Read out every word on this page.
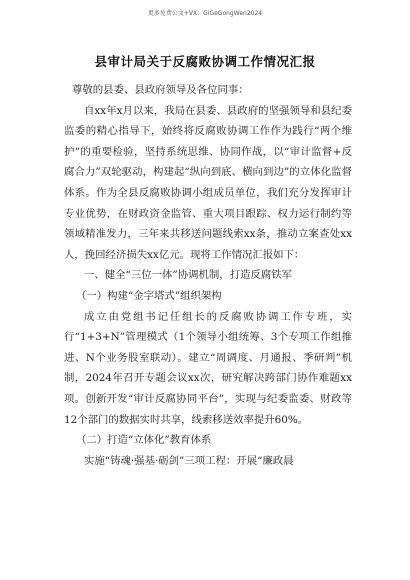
更多免费公文+VX：GiGeGongWen2024
县审计局关于反腐败协调工作情况汇报

尊敬的县委、县政府领导及各位同事：

自xx年x月以来，我局在县委、县政府的坚强领导和县纪委监委的精心指导下，始终将反腐败协调工作作为践行“两个维护”的重要检验，坚持系统思维、协同作战，以“审计监督+反腐合力”双轮驱动，构建起“纵向到底、横向到边”的立体化监督体系。作为全县反腐败协调小组成员单位，我们充分发挥审计专业优势，在财政资金监管、重大项目跟踪、权力运行制约等领域精准发力，三年来共移送问题线索xx条，推动立案查处xx人，挽回经济损失xx亿元。现将工作情况汇报如下：

一、健全“三位一体”协调机制，打造反腐铁军

（一）构建“金字塔式”组织架构

成立由党组书记任组长的反腐败协调工作专班，实行“1+3+N”管理模式（1个领导小组统筹、3个专项工作组推进、N个业务股室联动）。建立“周调度、月通报、季研判”机制，2024年召开专题会议xx次，研究解决跨部门协作难题xx项。创新开发“审计反腐协同平台”，实现与纪委监委、财政等12个部门的数据实时共享，线索移送效率提升60%。

（二）打造“立体化”教育体系

实施“铸魂·强基·砺剑”三项工程：开展“廉政晨
